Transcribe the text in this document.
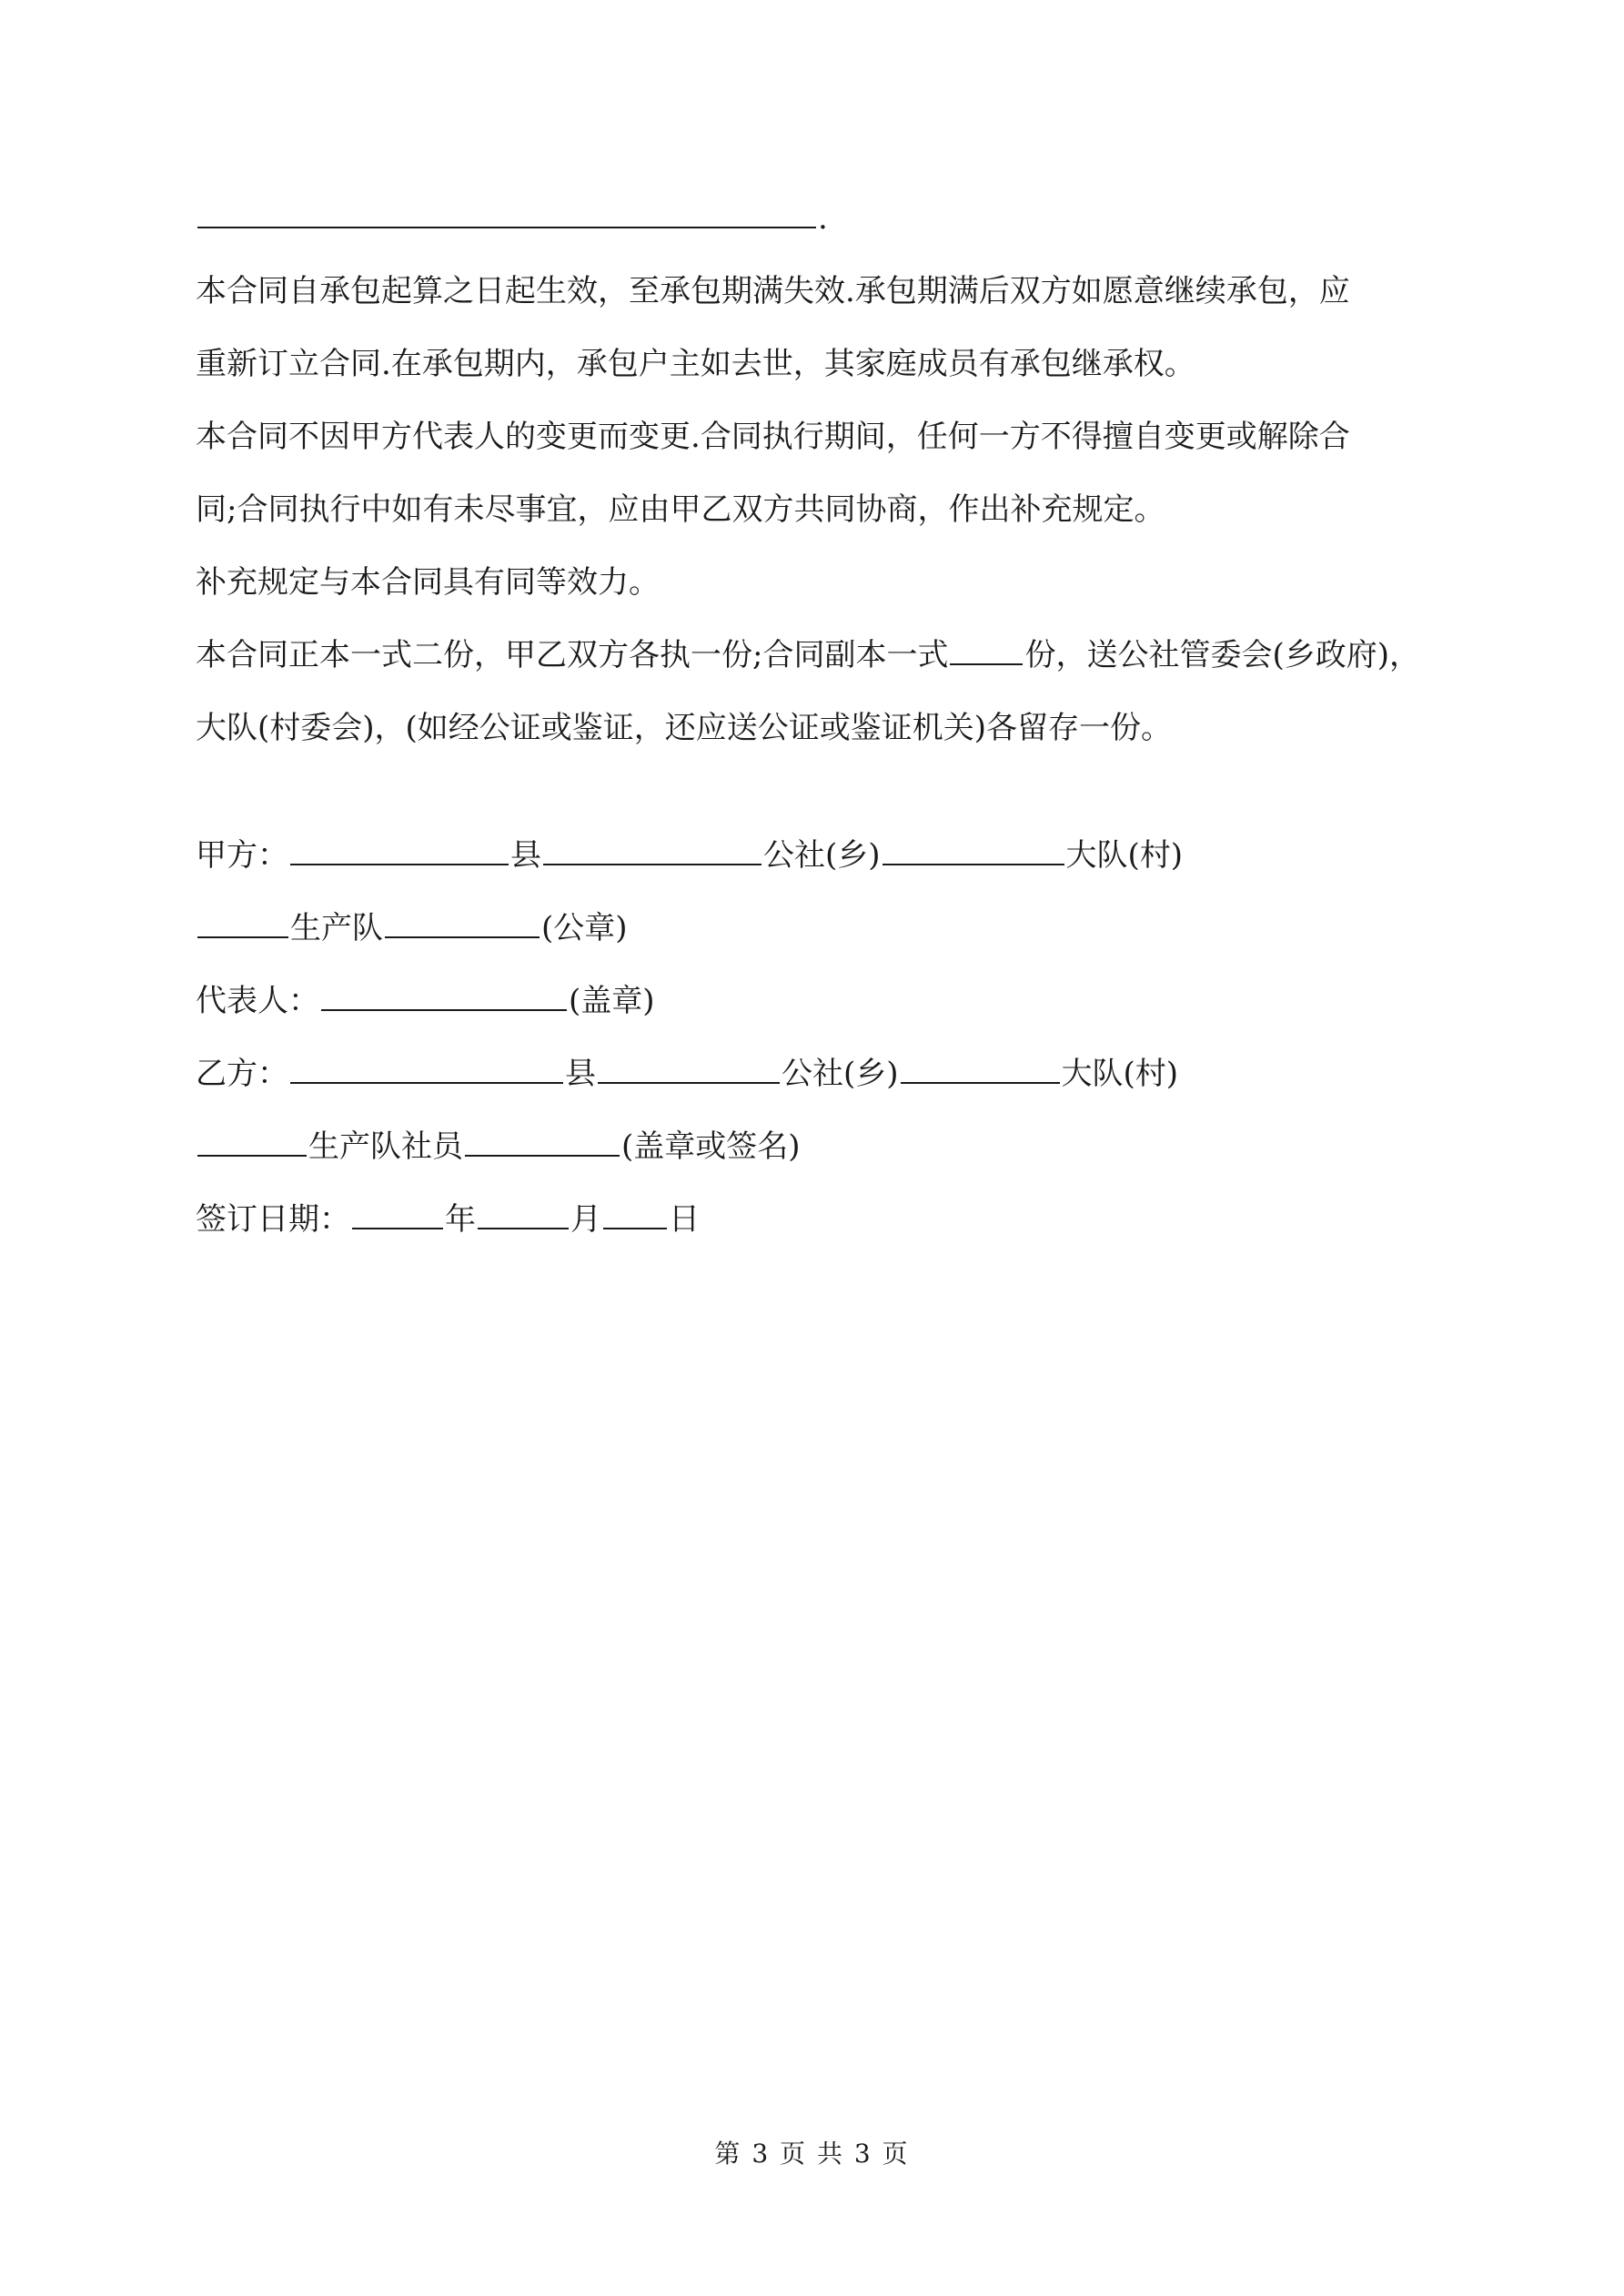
.

本合同自承包起算之日起生效，至承包期满失效.承包期满后双方如愿意继续承包，应

重新订立合同.在承包期内，承包户主如去世，其家庭成员有承包继承权。

本合同不因甲方代表人的变更而变更.合同执行期间，任何一方不得擅自变更或解除合

同;合同执行中如有未尽事宜，应由甲乙双方共同协商，作出补充规定。

补充规定与本合同具有同等效力。

本合同正本一式二份，甲乙双方各执一份;合同副本一式 份，送公社管委会(乡政府)，

大队(村委会)，(如经公证或鉴证，还应送公证或鉴证机关)各留存一份。

甲方：	县	公社(乡)	大队(村)

生产队	(公章)

代表人：	(盖章)

乙方：	县	公社(乡)	大队(村)

生产队社员	(盖章或签名)

签订日期：	年	月 日

第 3 页 共 3 页
